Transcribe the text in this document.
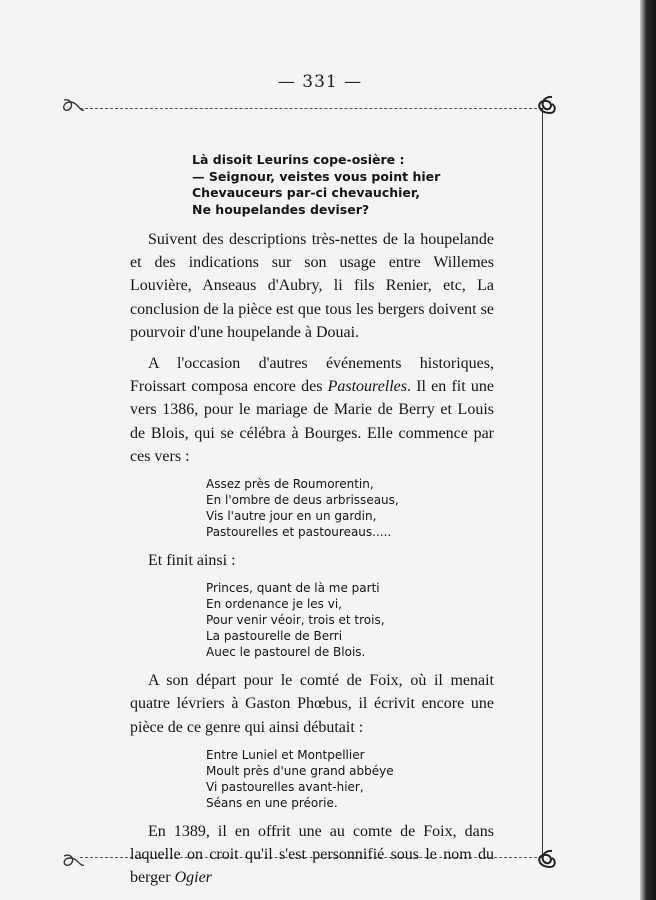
— 331 —
Là disoit Leurins cope-osière :
— Seignour, veistes vous point hier
Chevauceurs par-ci chevauchier,
Ne houpelandes deviser?

Suivent des descriptions très-nettes de la houpelande et des indications sur son usage entre Willemes Louvière, Anseaus d'Aubry, li fils Renier, etc, La conclusion de la pièce est que tous les bergers doivent se pourvoir d'une houpelande à Douai.

A l'occasion d'autres événements historiques, Froissart composa encore des Pastourelles. Il en fit une vers 1386, pour le mariage de Marie de Berry et Louis de Blois, qui se célébra à Bourges. Elle commence par ces vers :

Assez près de Roumorentin,
En l'ombre de deus arbrisseaus,
Vis l'autre jour en un gardin,
Pastourelles et pastoureaus.....

Et finit ainsi :

Princes, quant de là me parti
En ordenance je les vi,
Pour venir véoir, trois et trois,
La pastourelle de Berri
Auec le pastourel de Blois.

A son départ pour le comté de Foix, où il menait quatre lévriers à Gaston Phœbus, il écrivit encore une pièce de ce genre qui ainsi débutait :

Entre Luniel et Montpellier
Moult près d'une grand abbéye
Vi pastourelles avant-hier,
Séans en une préorie.

En 1389, il en offrit une au comte de Foix, dans laquelle on croit qu'il s'est personnifié sous le nom du berger Ogier
